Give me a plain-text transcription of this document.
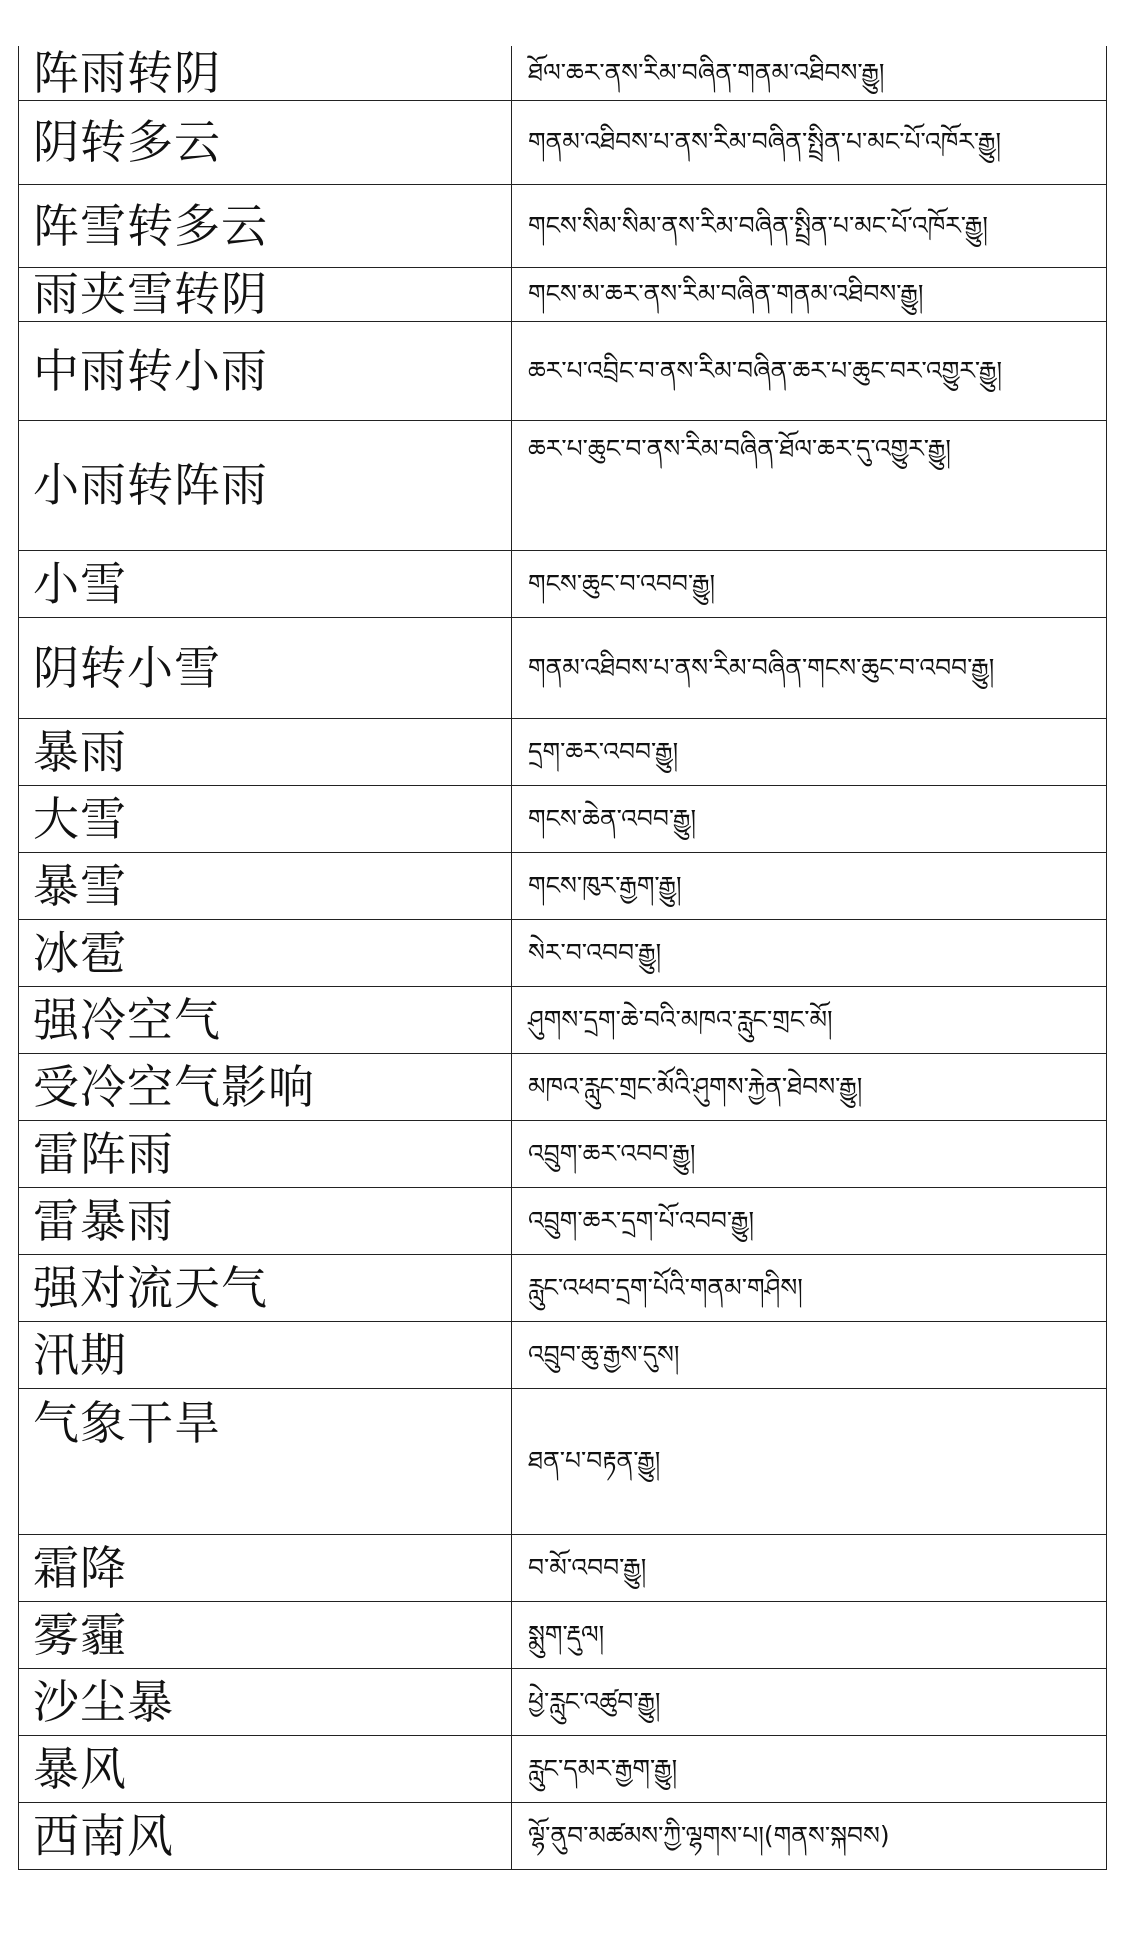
阵雨转阴	ཐོལ་ཆར་ནས་རིམ་བཞིན་གནམ་འཐིབས་རྒྱུ།
阴转多云	གནམ་འཐིབས་པ་ནས་རིམ་བཞིན་སྤྲིན་པ་མང་པོ་འཁོར་རྒྱུ།
阵雪转多云	གངས་སིམ་སིམ་ནས་རིམ་བཞིན་སྤྲིན་པ་མང་པོ་འཁོར་རྒྱུ།
雨夹雪转阴	གངས་མ་ཆར་ནས་རིམ་བཞིན་གནམ་འཐིབས་རྒྱུ།
中雨转小雨	ཆར་པ་འབྲིང་བ་ནས་རིམ་བཞིན་ཆར་པ་ཆུང་བར་འགྱུར་རྒྱུ།
小雨转阵雨	ཆར་པ་ཆུང་བ་ནས་རིམ་བཞིན་ཐོལ་ཆར་དུ་འགྱུར་རྒྱུ།
小雪	གངས་ཆུང་བ་འབབ་རྒྱུ།
阴转小雪	གནམ་འཐིབས་པ་ནས་རིམ་བཞིན་གངས་ཆུང་བ་འབབ་རྒྱུ།
暴雨	དྲག་ཆར་འབབ་རྒྱུ།
大雪	གངས་ཆེན་འབབ་རྒྱུ།
暴雪	གངས་ཁུར་རྒྱག་རྒྱུ།
冰雹	སེར་བ་འབབ་རྒྱུ།
强冷空气	ཤུགས་དྲག་ཆེ་བའི་མཁའ་རླུང་གྲང་མོ།
受冷空气影响	མཁའ་རླུང་གྲང་མོའི་ཤུགས་རྐྱེན་ཐེབས་རྒྱུ།
雷阵雨	འབྲུག་ཆར་འབབ་རྒྱུ།
雷暴雨	འབྲུག་ཆར་དྲག་པོ་འབབ་རྒྱུ།
强对流天气	རླུང་འཕབ་དྲག་པོའི་གནམ་གཤིས།
汛期	འབྲུབ་ཆུ་རྒྱས་དུས།
气象干旱	ཐན་པ་བརྟན་རྒྱུ།
霜降	བ་མོ་འབབ་རྒྱུ།
雾霾	སྨུག་རྡུལ།
沙尘暴	ཕྱེ་རླུང་འཚུབ་རྒྱུ།
暴风	རླུང་དམར་རྒྱག་རྒྱུ།
西南风	ལྷོ་ནུབ་མཚམས་ཀྱི་ལྷགས་པ།(གནས་སྐབས)
